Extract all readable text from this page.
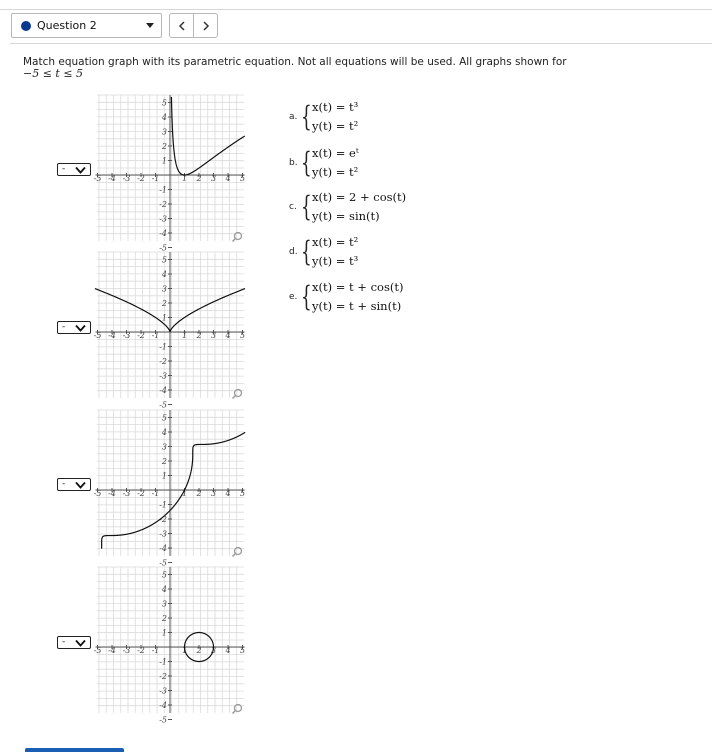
Question 2
Match equation graph with its parametric equation. Not all equations will be used. All graphs shown for
−5 ≤ t ≤ 5
-5 -4 -3 -2 -1	1 2 3 4 5
5
4
3
2
1
-1
-2
-3
-4
-5
-5 -4 -3 -2 -1	1 2 3 4 5
5
4
3
2
1
-1
-2
-3
-4
-5
-5 -4 -3 -2 -1	1 2 3 4 5
5
4
3
2
1
-1
-2
-3
-4
-5
-5 -4 -3 -2 -1	1 2 3 4 5
5
4
3
2
1
-1
-2
-3
-4
-5
-
-
-
-
a. { x(t) = t³
y(t) = t²
b. { x(t) = eᵗ
y(t) = t²
c. { x(t) = 2 + cos(t)
y(t) = sin(t)
d. { x(t) = t²
y(t) = t³
e. { x(t) = t + cos(t)
y(t) = t + sin(t)
